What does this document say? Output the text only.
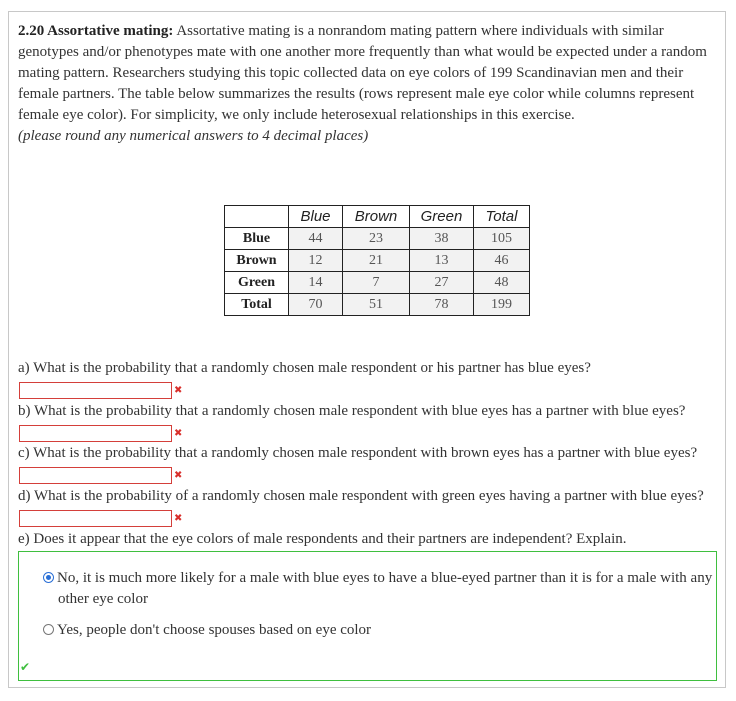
2.20 Assortative mating: Assortative mating is a nonrandom mating pattern where individuals with similar genotypes and/or phenotypes mate with one another more frequently than what would be expected under a random mating pattern. Researchers studying this topic collected data on eye colors of 199 Scandinavian men and their female partners. The table below summarizes the results (rows represent male eye color while columns represent female eye color). For simplicity, we only include heterosexual relationships in this exercise.
(please round any numerical answers to 4 decimal places)
	Blue	Brown	Green	Total
Blue	44	23	38	105
Brown	12	21	13	46
Green	14	7	27	48
Total	70	51	78	199
a) What is the probability that a randomly chosen male respondent or his partner has blue eyes?
✖
b) What is the probability that a randomly chosen male respondent with blue eyes has a partner with blue eyes?
✖
c) What is the probability that a randomly chosen male respondent with brown eyes has a partner with blue eyes?
✖
d) What is the probability of a randomly chosen male respondent with green eyes having a partner with blue eyes?
✖
e) Does it appear that the eye colors of male respondents and their partners are independent? Explain.
No, it is much more likely for a male with blue eyes to have a blue-eyed partner than it is for a male with any
other eye color
Yes, people don't choose spouses based on eye color
✔
